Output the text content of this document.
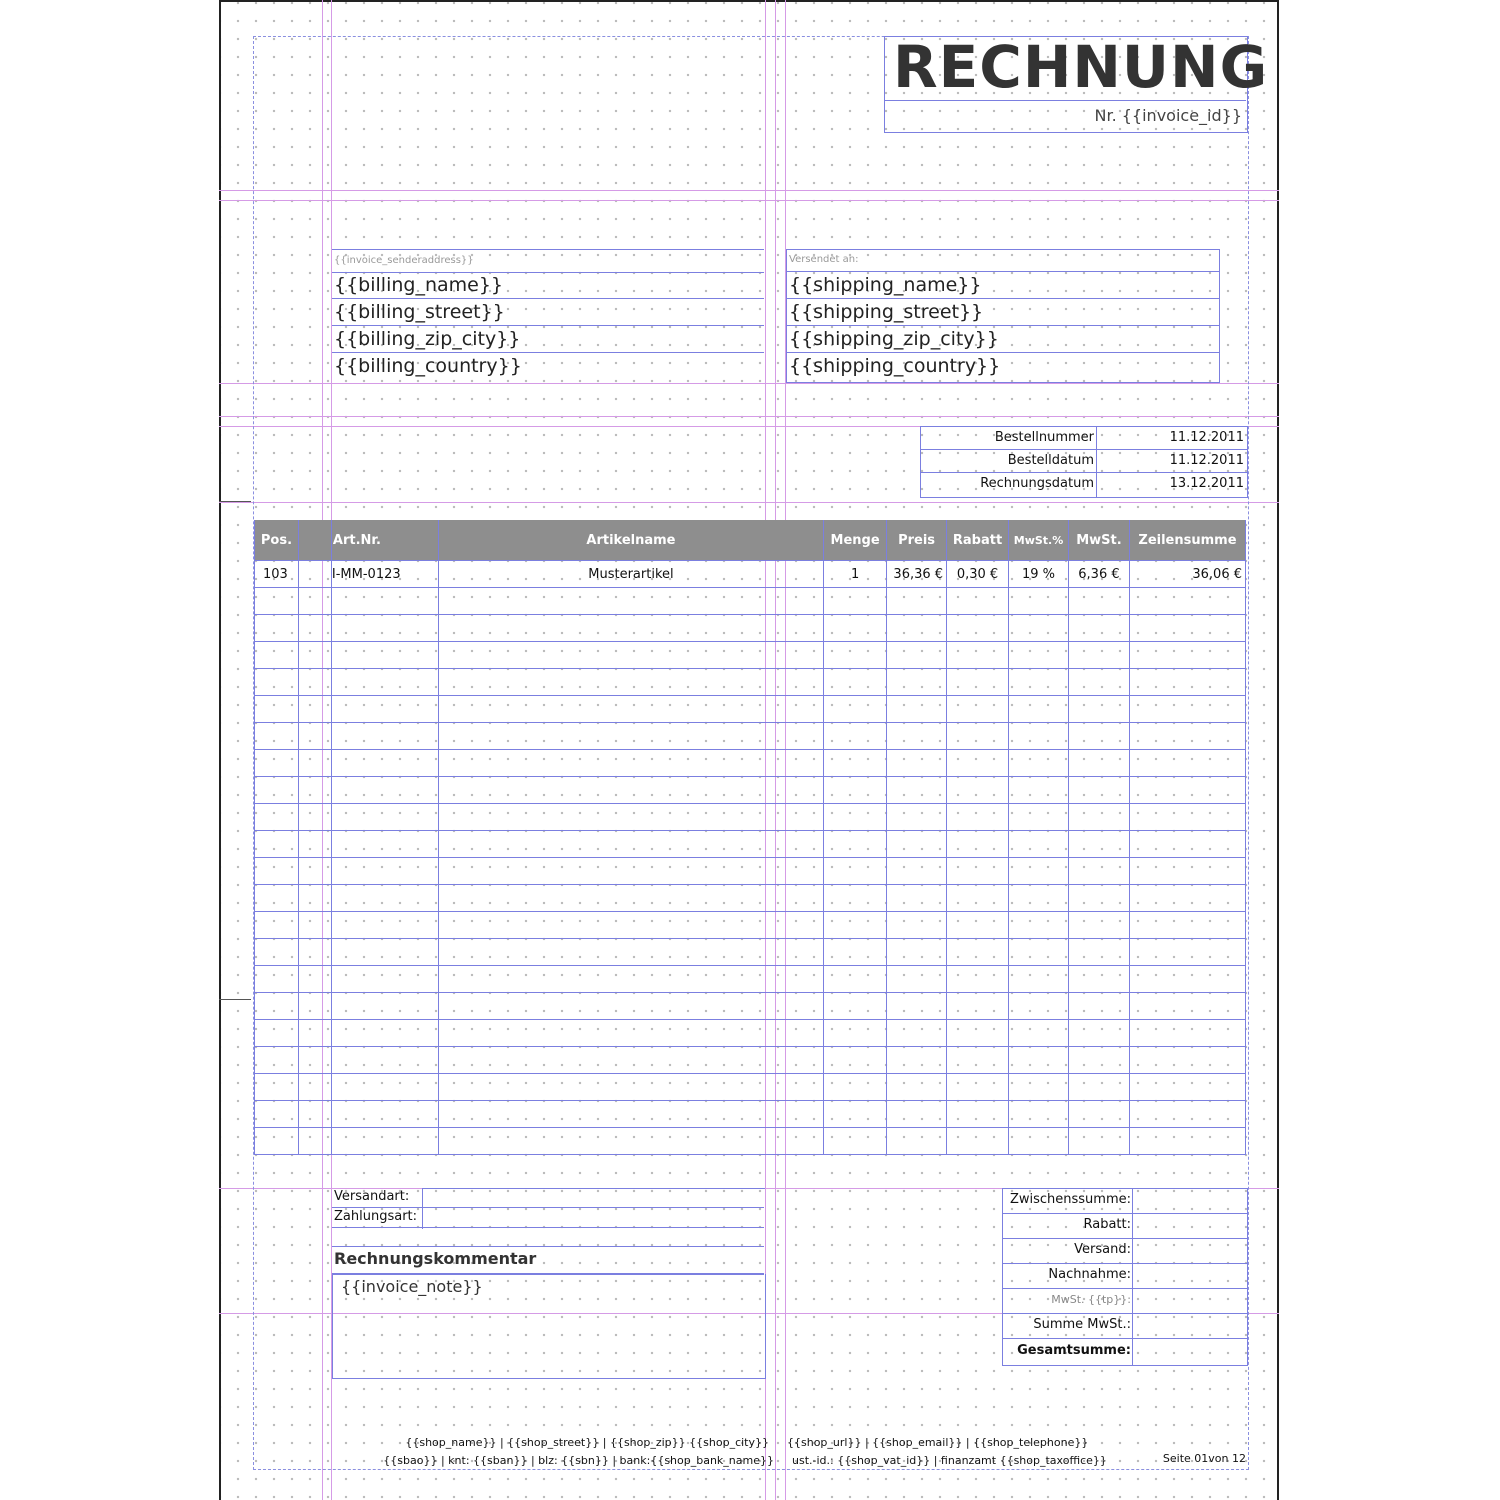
RECHNUNG
Nr. {{invoice_id}}
{{invoice_senderaddress}}
{{billing_name}}
{{billing_street}}
{{billing_zip_city}}
{{billing_country}}
Versendet an:
{{shipping_name}}
{{shipping_street}}
{{shipping_zip_city}}
{{shipping_country}}
Bestellnummer	11.12.2011
Bestelldatum	11.12.2011
Rechnungsdatum	13.12.2011
Pos.		Art.Nr.	Artikelname	Menge	Preis	Rabatt	MwSt.%	MwSt.	Zeilensumme
103		I-MM-0123	Musterartikel	1	36,36 €	0,30 €	19 %	6,36 €	36,06 €

Versandart:
Zahlungsart:
Rechnungskommentar
{{invoice_note}}
Zwischenssumme:
Rabatt:
Versand:
Nachnahme:
MwSt. {{tp}}:
Summe MwSt.:
Gesamtsumme:
{{shop_name}} | {{shop_street}} | {{shop_zip}} {{shop_city}} {{shop_url}} | {{shop_email}} | {{shop_telephone}}
{{sbao}} | knt: {{sban}} | blz: {{sbn}} | bank:{{shop_bank_name}} ust.-id.: {{shop_vat_id}} | finanzamt {{shop_taxoffice}}	Seite 01von 12
